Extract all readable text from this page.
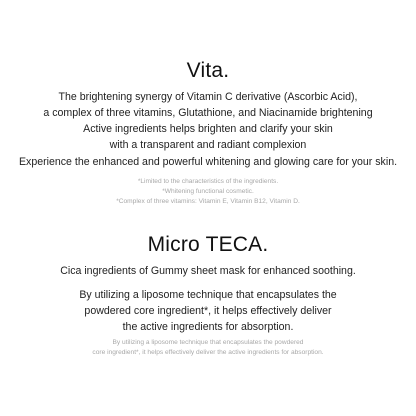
Vita.

The brightening synergy of Vitamin C derivative (Ascorbic Acid),
a complex of three vitamins, Glutathione, and Niacinamide brightening
Active ingredients helps brighten and clarify your skin
with a transparent and radiant complexion

Experience the enhanced and powerful whitening and glowing care for your skin.

*Limited to the characteristics of the ingredients.
*Whitening functional cosmetic.
*Complex of three vitamins: Vitamin E, Vitamin B12, Vitamin D.

Micro TECA.

Cica ingredients of Gummy sheet mask for enhanced soothing.

By utilizing a liposome technique that encapsulates the
powdered core ingredient*, it helps effectively deliver
the active ingredients for absorption.

By utilizing a liposome technique that encapsulates the powdered
core ingredient*, it helps effectively deliver the active ingredients for absorption.
